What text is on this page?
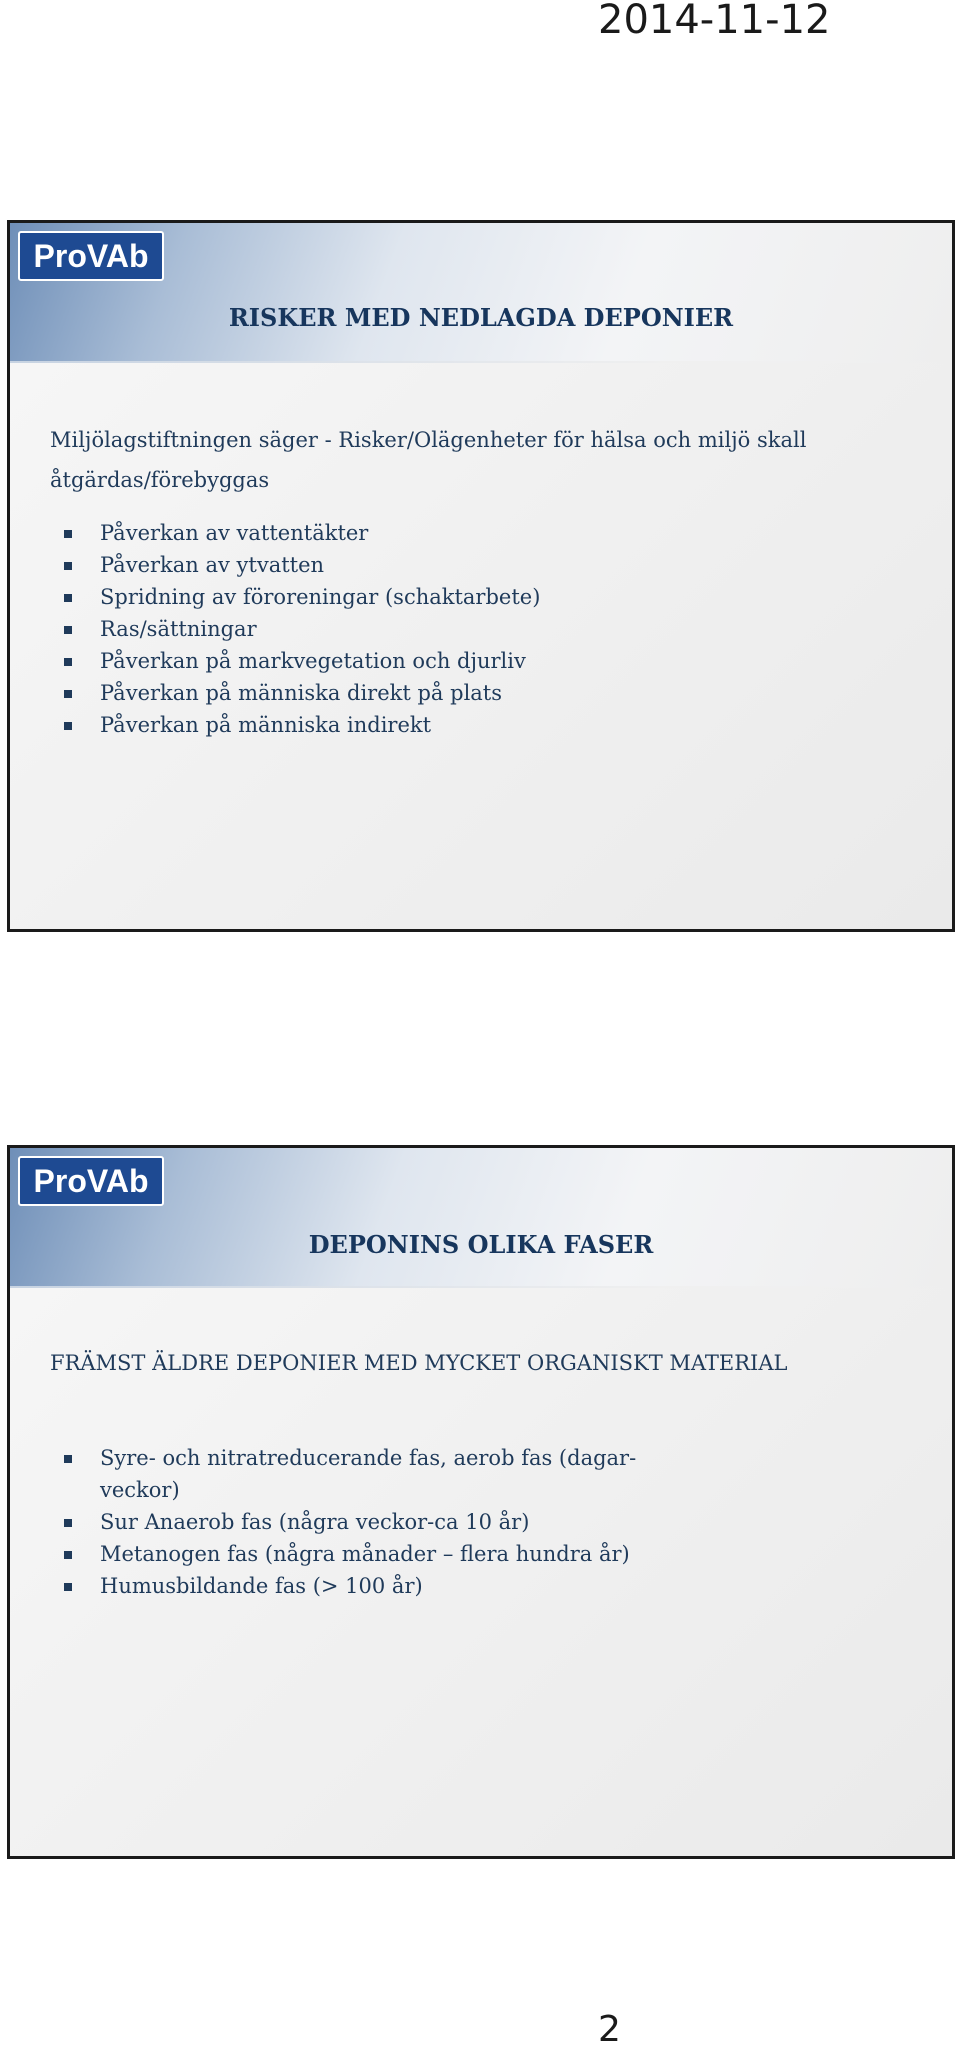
2014-11-12
ProVAb
RISKER MED NEDLAGDA DEPONIER
Miljölagstiftningen säger - Risker/Olägenheter för hälsa och miljö skall åtgärdas/förebyggas
Påverkan av vattentäkter
Påverkan av ytvatten
Spridning av föroreningar (schaktarbete)
Ras/sättningar
Påverkan på markvegetation och djurliv
Påverkan på människa direkt på plats
Påverkan på människa indirekt
ProVAb
DEPONINS OLIKA FASER
FRÄMST ÄLDRE DEPONIER MED MYCKET ORGANISKT MATERIAL
Syre- och nitratreducerande fas, aerob fas (dagar-veckor)
Sur Anaerob fas (några veckor-ca 10 år)
Metanogen fas (några månader – flera hundra år)
Humusbildande fas (> 100 år)
2
